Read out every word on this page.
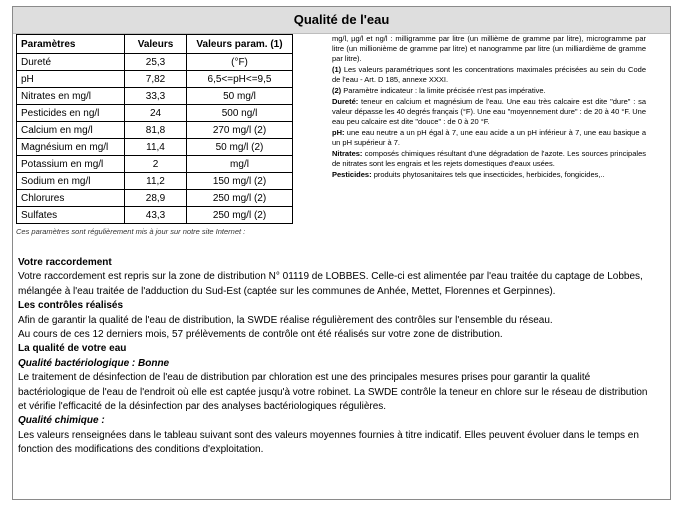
Qualité de l'eau
Paramètres	Valeurs	Valeurs param. (1)
Dureté	25,3	(°F)
pH	7,82	6,5<=pH<=9,5
Nitrates en mg/l	33,3	50 mg/l
Pesticides en ng/l	24	500 ng/l
Calcium en mg/l	81,8	270 mg/l (2)
Magnésium en mg/l	11,4	50 mg/l (2)
Potassium en mg/l	2	mg/l
Sodium en mg/l	11,2	150 mg/l (2)
Chlorures	28,9	250 mg/l (2)
Sulfates	43,3	250 mg/l (2)
Ces paramètres sont régulièrement mis à jour sur notre site Internet :

mg/l, µg/l et ng/l : milligramme par litre (un millième de gramme par litre), microgramme par litre (un millionième de gramme par litre) et nanogramme par litre (un milliardième de gramme par litre).

(1) Les valeurs paramétriques sont les concentrations maximales précisées au sein du Code de l'eau - Art. D 185, annexe XXXI.

(2) Paramètre indicateur : la limite précisée n'est pas impérative.

Dureté: teneur en calcium et magnésium de l'eau. Une eau très calcaire est dite "dure" : sa valeur dépasse les 40 degrés français (°F). Une eau "moyennement dure" : de 20 à 40 °F. Une eau peu calcaire est dite "douce" : de 0 à 20 °F.

pH: une eau neutre a un pH égal à 7, une eau acide a un pH inférieur à 7, une eau basique a un pH supérieur à 7.

Nitrates: composés chimiques résultant d'une dégradation de l'azote. Les sources principales de nitrates sont les engrais et les rejets domestiques d'eaux usées.

Pesticides: produits phytosanitaires tels que insecticides, herbicides, fongicides,..

Votre raccordement

Votre raccordement est repris sur la zone de distribution N° 01119 de LOBBES. Celle-ci est alimentée par l'eau traitée du captage de Lobbes, mélangée à l'eau traitée de l'adduction du Sud-Est (captée sur les communes de Anhée, Mettet, Florennes et Gerpinnes).

Les contrôles réalisés

Afin de garantir la qualité de l'eau de distribution, la SWDE réalise régulièrement des contrôles sur l'ensemble du réseau.

Au cours de ces 12 derniers mois, 57 prélèvements de contrôle ont été réalisés sur votre zone de distribution.

La qualité de votre eau

Qualité bactériologique : Bonne

Le traitement de désinfection de l'eau de distribution par chloration est une des principales mesures prises pour garantir la qualité bactériologique de l'eau de l'endroit où elle est captée jusqu'à votre robinet. La SWDE contrôle la teneur en chlore sur le réseau de distribution et vérifie l'efficacité de la désinfection par des analyses bactériologiques régulières.

Qualité chimique :

Les valeurs renseignées dans le tableau suivant sont des valeurs moyennes fournies à titre indicatif. Elles peuvent évoluer dans le temps en fonction des modifications des conditions d'exploitation.
